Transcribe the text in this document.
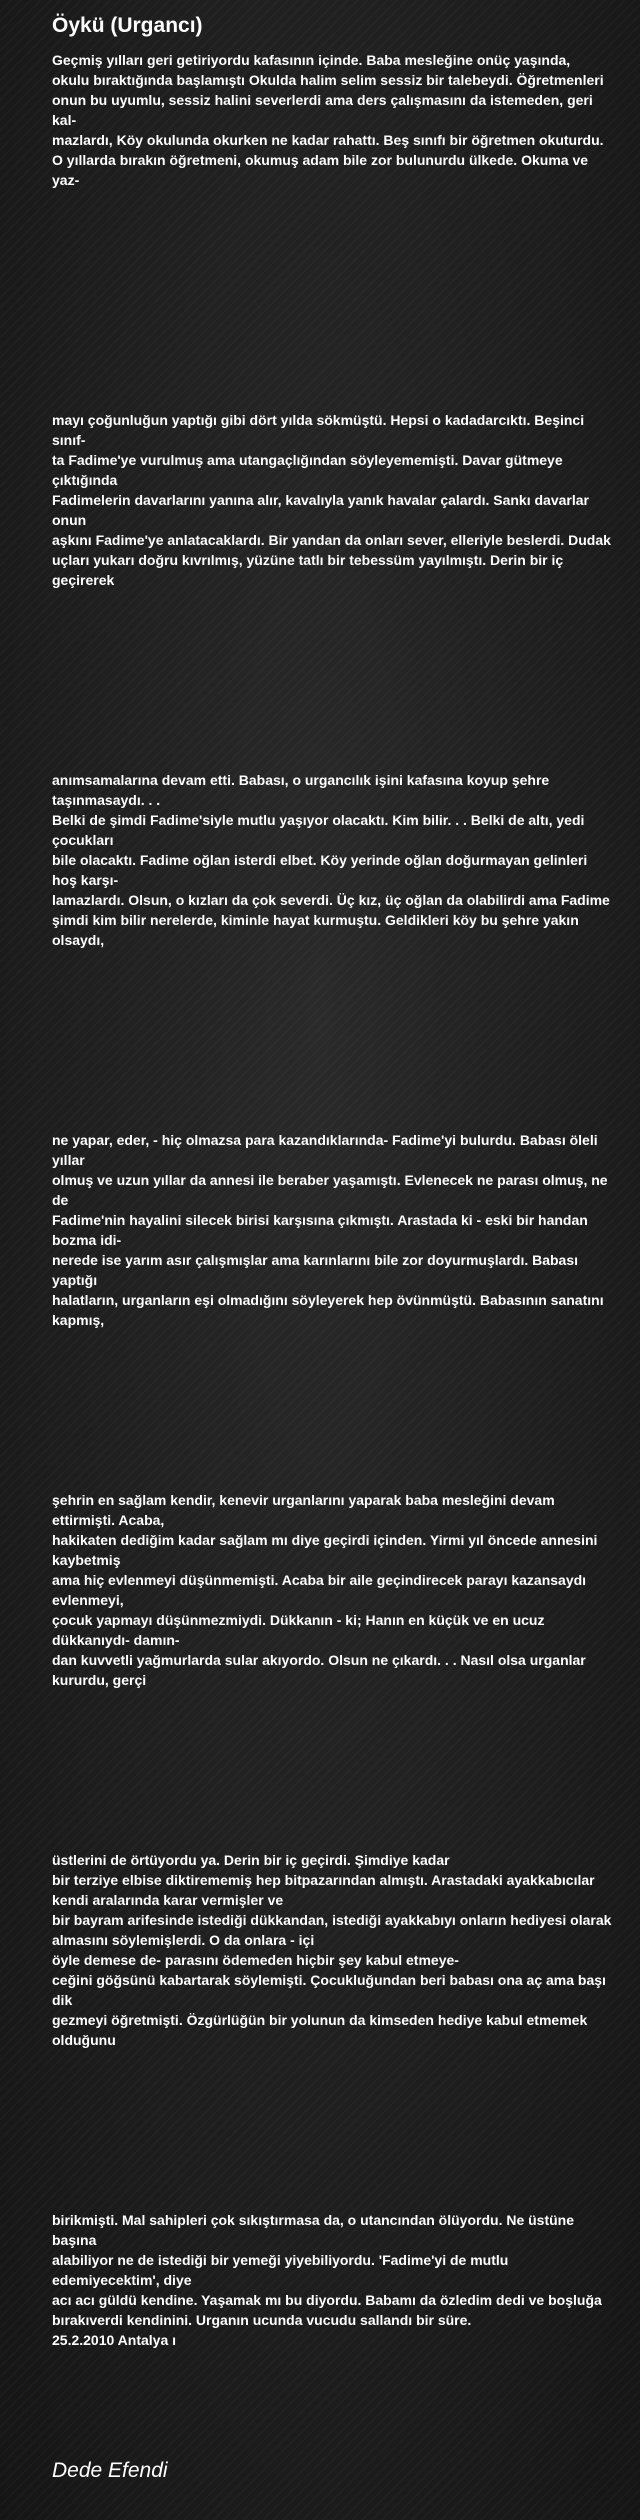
Öykü (Urgancı)
Geçmiş yılları geri getiriyordu kafasının içinde. Baba mesleğine onüç yaşında,
okulu bıraktığında başlamıştı Okulda halim selim sessiz bir talebeydi. Öğretmenleri
onun bu uyumlu, sessiz halini severlerdi ama ders çalışmasını da istemeden, geri kal-
mazlardı, Köy okulunda okurken ne kadar rahattı. Beş sınıfı bir öğretmen okuturdu.
O yıllarda bırakın öğretmeni, okumuş adam bile zor bulunurdu ülkede. Okuma ve yaz-
mayı çoğunluğun yaptığı gibi dört yılda sökmüştü. Hepsi o kadadarcıktı. Beşinci sınıf-
ta Fadime'ye vurulmuş ama utangaçlığından söyleyememişti. Davar gütmeye çıktığında
Fadimelerin davarlarını yanına alır, kavalıyla yanık havalar çalardı. Sankı davarlar onun
aşkını Fadime'ye anlatacaklardı. Bir yandan da onları sever, elleriyle beslerdi. Dudak
uçları yukarı doğru kıvrılmış, yüzüne tatlı bir tebessüm yayılmıştı. Derin bir iç geçirerek
anımsamalarına devam etti. Babası, o urgancılık işini kafasına koyup şehre taşınmasaydı. . .
Belki de şimdi Fadime'siyle mutlu yaşıyor olacaktı. Kim bilir. . . Belki de altı, yedi çocukları
bile olacaktı. Fadime oğlan isterdi elbet. Köy yerinde oğlan doğurmayan gelinleri hoş karşı-
lamazlardı. Olsun, o kızları da çok severdi. Üç kız, üç oğlan da olabilirdi ama Fadime
şimdi kim bilir nerelerde, kiminle hayat kurmuştu. Geldikleri köy bu şehre yakın olsaydı,
ne yapar, eder, - hiç olmazsa para kazandıklarında- Fadime'yi bulurdu. Babası öleli yıllar
olmuş ve uzun yıllar da annesi ile beraber yaşamıştı. Evlenecek ne parası olmuş, ne de
Fadime'nin hayalini silecek birisi karşısına çıkmıştı. Arastada ki - eski bir handan bozma idi-
nerede ise yarım asır çalışmışlar ama karınlarını bile zor doyurmuşlardı. Babası yaptığı
halatların, urganların eşi olmadığını söyleyerek hep övünmüştü. Babasının sanatını kapmış,
şehrin en sağlam kendir, kenevir urganlarını yaparak baba mesleğini devam ettirmişti. Acaba,
hakikaten dediğim kadar sağlam mı diye geçirdi içinden. Yirmi yıl öncede annesini kaybetmiş
ama hiç evlenmeyi düşünmemişti. Acaba bir aile geçindirecek parayı kazansaydı evlenmeyi,
çocuk yapmayı düşünmezmiydi. Dükkanın - ki; Hanın en küçük ve en ucuz dükkanıydı- damın-
dan kuvvetli yağmurlarda sular akıyordo. Olsun ne çıkardı. . . Nasıl olsa urganlar kururdu, gerçi
üstlerini de örtüyordu ya. Derin bir iç geçirdi. Şimdiye kadar
bir terziye elbise diktirememiş hep bitpazarından almıştı. Arastadaki ayakkabıcılar kendi aralarında karar vermişler ve
bir bayram arifesinde istediği dükkandan, istediği ayakkabıyı onların hediyesi olarak almasını söylemişlerdi. O da onlara - içi
öyle demese de- parasını ödemeden hiçbir şey kabul etmeye-
ceğini göğsünü kabartarak söylemişti. Çocukluğundan beri babası ona aç ama başı dik
gezmeyi öğretmişti. Özgürlüğün bir yolunun da kimseden hediye kabul etmemek olduğunu
birikmişti. Mal sahipleri çok sıkıştırmasa da, o utancından ölüyordu. Ne üstüne başına
alabiliyor ne de istediği bir yemeği yiyebiliyordu. 'Fadime'yi de mutlu edemiyecektim', diye
acı acı güldü kendine. Yaşamak mı bu diyordu. Babamı da özledim dedi ve boşluğa bırakıverdi kendinini. Urganın ucunda vucudu sallandı bir süre.
25.2.2010 Antalya ı
Dede Efendi
